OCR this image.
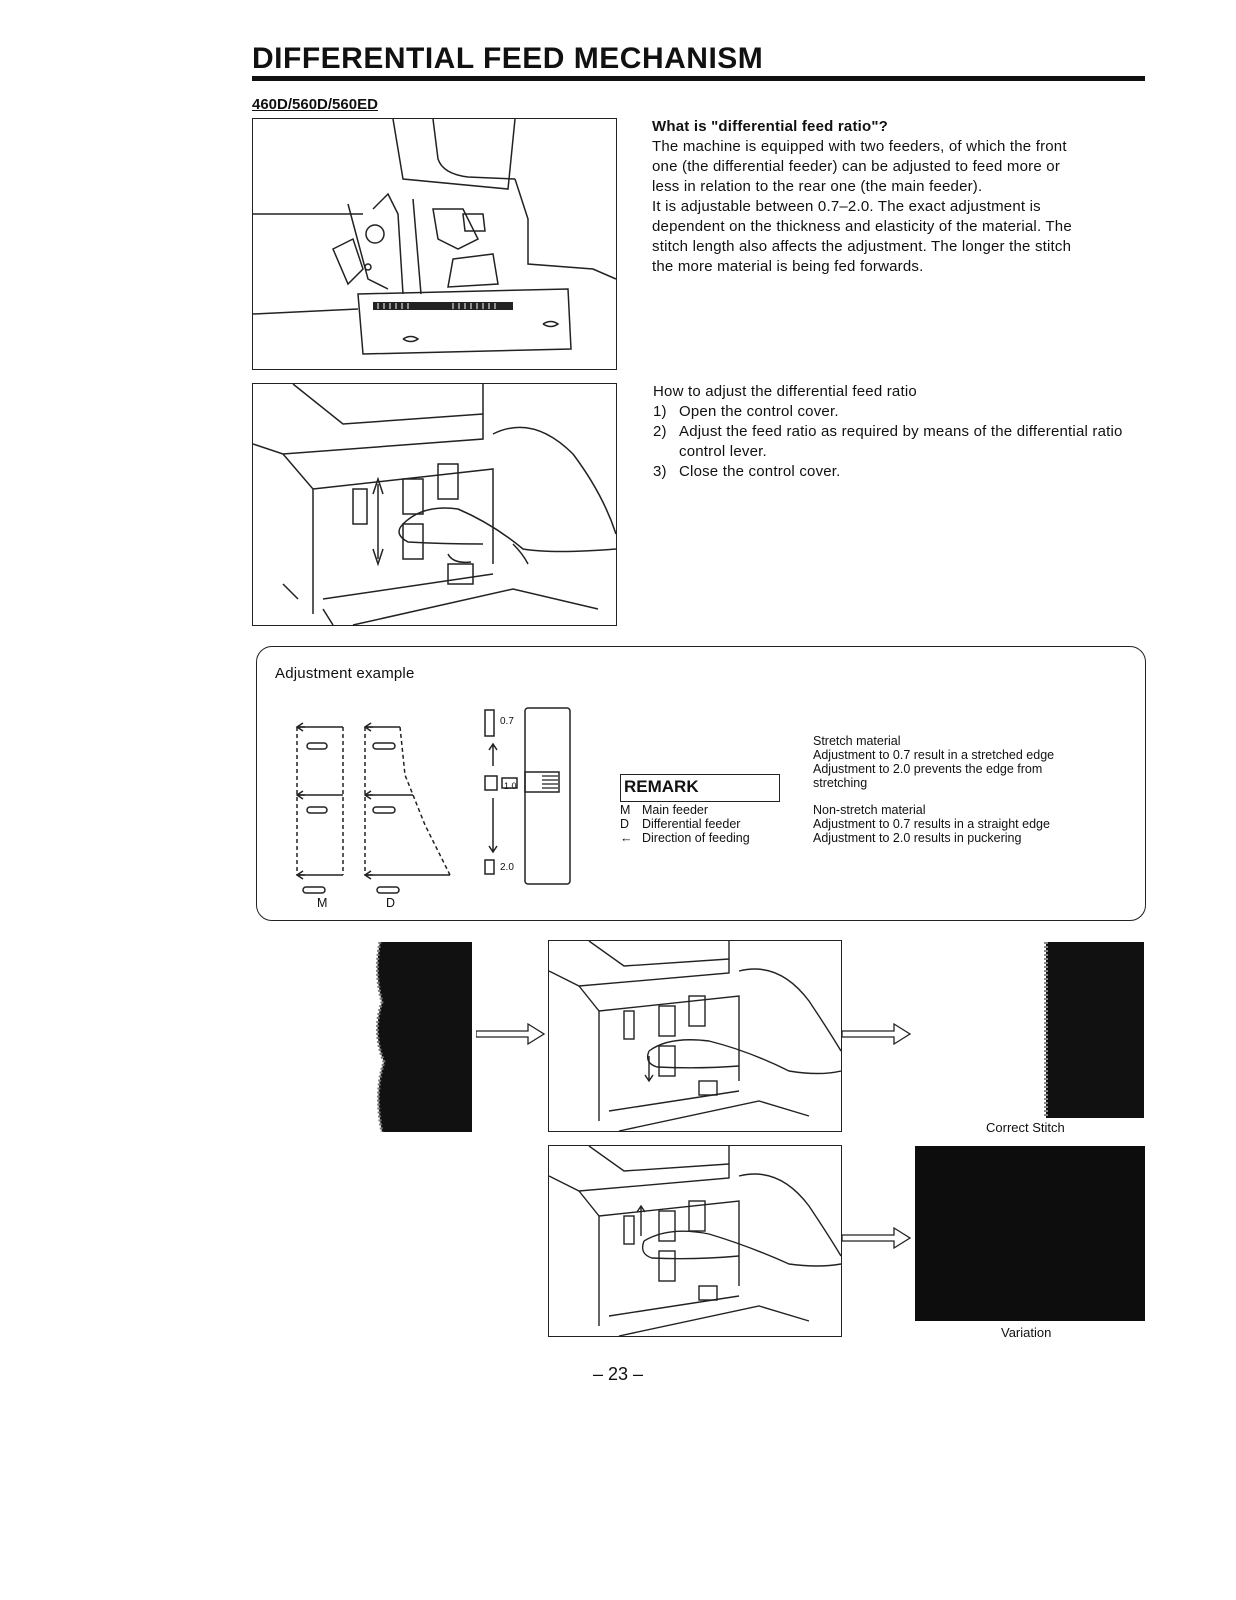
DIFFERENTIAL FEED MECHANISM
460D/560D/560ED

What is "differential feed ratio"?

The machine is equipped with two feeders, of which the front

one (the differential feeder) can be adjusted to feed more or

less in relation to the rear one (the main feeder).

It is adjustable between 0.7–2.0. The exact adjustment is

dependent on the thickness and elasticity of the material. The

stitch length also affects the adjustment. The longer the stitch

the more material is being fed forwards.

How to adjust the differential feed ratio

1) Open the control cover.
2) Adjust the feed ratio as required by means of the differential ratio control lever.
3) Close the control cover.
Adjustment example
M	D
0.7
1.0
2.0
REMARK
M Main feeder
D Differential feeder
← Direction of feeding
Stretch material
Adjustment to 0.7 result in a stretched edge
Adjustment to 2.0 prevents the edge from
stretching
Non-stretch material
Adjustment to 0.7 results in a straight edge
Adjustment to 2.0 results in puckering
Correct Stitch
Variation
– 23 –
